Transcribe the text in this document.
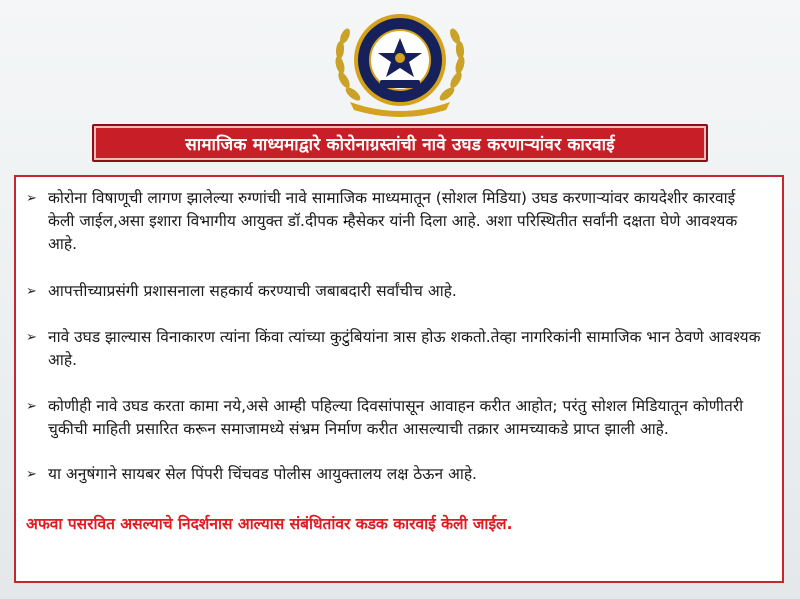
सामाजिक माध्यमाद्वारे कोरोनाग्रस्तांची नावे उघड करणाऱ्यांवर कारवाई
➢ कोरोना विषाणूची लागण झालेल्या रुग्णांची नावे सामाजिक माध्यमातून (सोशल मिडिया) उघड करणाऱ्यांवर कायदेशीर कारवाई केली जाईल,असा इशारा विभागीय आयुक्त डॉ.दीपक म्हैसेकर यांनी दिला आहे. अशा परिस्थितीत सर्वांनी दक्षता घेणे आवश्यक आहे.
➢ आपत्तीच्याप्रसंगी प्रशासनाला सहकार्य करण्याची जबाबदारी सर्वांचीच आहे.
➢ नावे उघड झाल्यास विनाकारण त्यांना किंवा त्यांच्या कुटुंबियांना त्रास होऊ शकतो.तेव्हा नागरिकांनी सामाजिक भान ठेवणे आवश्यक आहे.
➢ कोणीही नावे उघड करता कामा नये,असे आम्ही पहिल्या दिवसांपासून आवाहन करीत आहोत; परंतु सोशल मिडियातून कोणीतरी चुकीची माहिती प्रसारित करून समाजामध्ये संभ्रम निर्माण करीत आसल्याची तक्रार आमच्याकडे प्राप्त झाली आहे.
➢ या अनुषंगाने सायबर सेल पिंपरी चिंचवड पोलीस आयुक्तालय लक्ष ठेऊन आहे.
अफवा पसरवित असल्याचे निदर्शनास आल्यास संबंधितांवर कडक कारवाई केली जाईल.
